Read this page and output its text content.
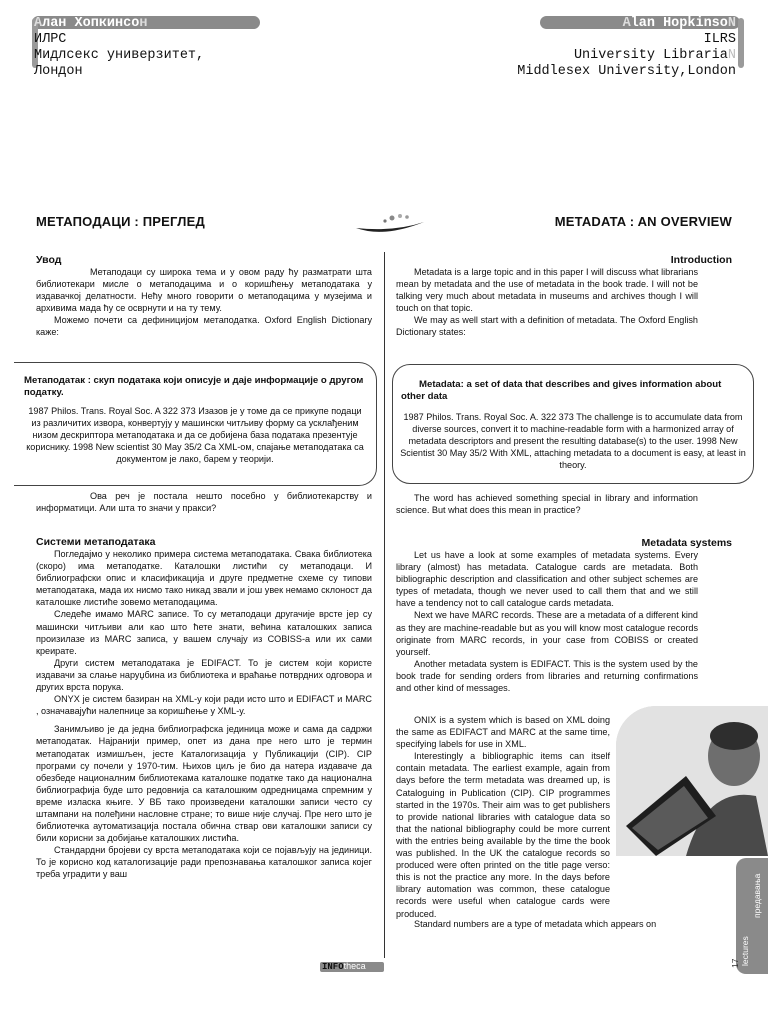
Алан Хопкинсон
ИЛРС
Мидлсекс универзитет,
Лондон
Alan HopkinsoN
ILRS
University LibrariaN
Middlesex University,London
МЕТАПОДАЦИ : ПРЕГЛЕД	METADATA : AN OVERVIEW
Увод

Метаподаци су широка тема и у овом раду ћу разматрати шта библиотекари мисле о метаподацима и о коришћењу метаподатака у издавачкој делатности. Нећу много говорити о метаподацима у музејима и архивима мада ћу се осврнути и на ту тему.

Можемо почети са дефиницијом метаподатка. Oxford English Dictionary каже:

Метаподатак : скуп података који описује и даје информације о другом податку.
1987 Philos. Trans. Royal Soc. A 322 373 Изазов је у томе да се прикупе подаци из различитих извора, конвертују у машински читљиву форму са усклађеним низом дескриптора метаподатака и да се добијена база података презентује кориснику. 1998 New scientist 30 May 35/2 Са XML-ом, спајање метаподатака са документом је лако, барем у теорији.

Ова реч је постала нешто посебно у библиотекарству и информатици. Али шта то значи у пракси?

Системи метаподатака

Погледајмо у неколико примера система метаподатака. Свака библиотека (скоро) има метаподатке. Каталошки листићи су метаподаци. И библиографски опис и класификација и друге предметне схеме су типови метаподатака, мада их нисмо тако никад звали и још увек немамо склоност да каталошке листиће зовемо метаподацима.

Следеће имамо MARC записе. То су метаподаци другачије врсте јер су машински читљиви али као што ћете знати, већина каталошких записа произилазе из MARC записа, у вашем случају из COBISS-а или их сами креирате.

Други систем метаподатака је EDIFACT. То је систем који користе издавачи за слање наруџбина из библиотека и враћање потврдних одговора и других врста порука.

ONYX је систем базиран на XML-у који ради исто што и EDIFACT и MARC , означавајући налепнице за коришћење у XML-у.

Занимљиво је да једна библиографска јединица може и сама да садржи метаподатак. Најранији пример, опет из дана пре него што је термин метаподатак измишљен, јесте Каталогизација у Публикацији (CIP). CIP програми су почели у 1970-тим. Њихов циљ је био да натера издаваче да обезбеде националним библиотекама каталошке податке тако да национална библиографија буде што редовнија са каталошким одредницама спремним у време изласка књиге. У ВБ тако произведени каталошки записи често су штампани на полеђини насловне стране; то више није случај. Пре него што је библиотечка аутоматизација постала обична ствар ови каталошки записи су били корисни за добијање каталошких листића.

Стандардни бројеви су врста метаподатака који се појављују на јединици. То је корисно код каталогизације ради препознавања каталошког записа којег треба уградити у ваш

Introduction

Metadata is a large topic and in this paper I will discuss what librarians mean by metadata and the use of metadata in the book trade. I will not be talking very much about metadata in museums and archives though I will touch on that topic.

We may as well start with a definition of metadata. The Oxford English Dictionary states:

Metadata: a set of data that describes and gives information about other data
1987 Philos. Trans. Royal Soc. A. 322 373 The challenge is to accumulate data from diverse sources, convert it to machine-readable form with a harmonized array of metadata descriptors and present the resulting database(s) to the user. 1998 New Scientist 30 May 35/2 With XML, attaching metadata to a document is easy, at least in theory.

The word has achieved something special in library and information science. But what does this mean in practice?

Metadata systems

Let us have a look at some examples of metadata systems. Every library (almost) has metadata. Catalogue cards are metadata. Both bibliographic description and classification and other subject schemes are types of metadata, though we never used to call them that and we still have a tendency not to call catalogue cards metadata.

Next we have MARC records. These are a metadata of a different kind as they are machine-readable but as you will know most catalogue records originate from MARC records, in your case from COBISS or created yourself.

Another metadata system is EDIFACT. This is the system used by the book trade for sending orders from libraries and returning confirmations and other kind of messages.

ONIX is a system which is based on XML doing the same as EDIFACT and MARC at the same time, specifying labels for use in XML.

Interestingly a bibliographic items can itself contain metadata. The earliest example, again from days before the term metadata was dreamed up, is Cataloguing in Publication (CIP). CIP programmes started in the 1970s. Their aim was to get publishers to provide national libraries with catalogue data so that the national bibliography could be more current with the entries being available by the time the book was published. In the UK the catalogue records so produced were often printed on the title page verso: this is not the practice any more. In the days before library automation was common, these catalogue records were useful when catalogue cards were produced.

Standard numbers are a type of metadata which appears on

INFOtheca	17 lectures
предавања
